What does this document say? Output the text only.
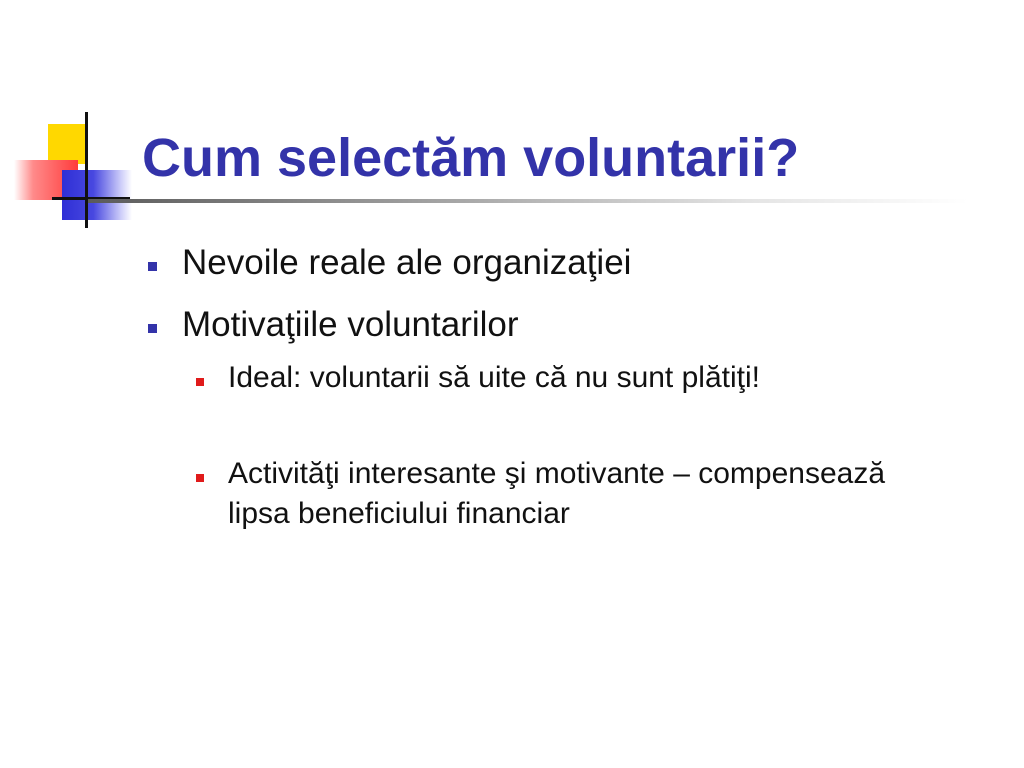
Cum selectăm voluntarii?
Nevoile reale ale organizaţiei
Motivaţiile voluntarilor
Ideal: voluntarii să uite că nu sunt plătiţi!
Activităţi interesante şi motivante – compensează lipsa beneficiului financiar
